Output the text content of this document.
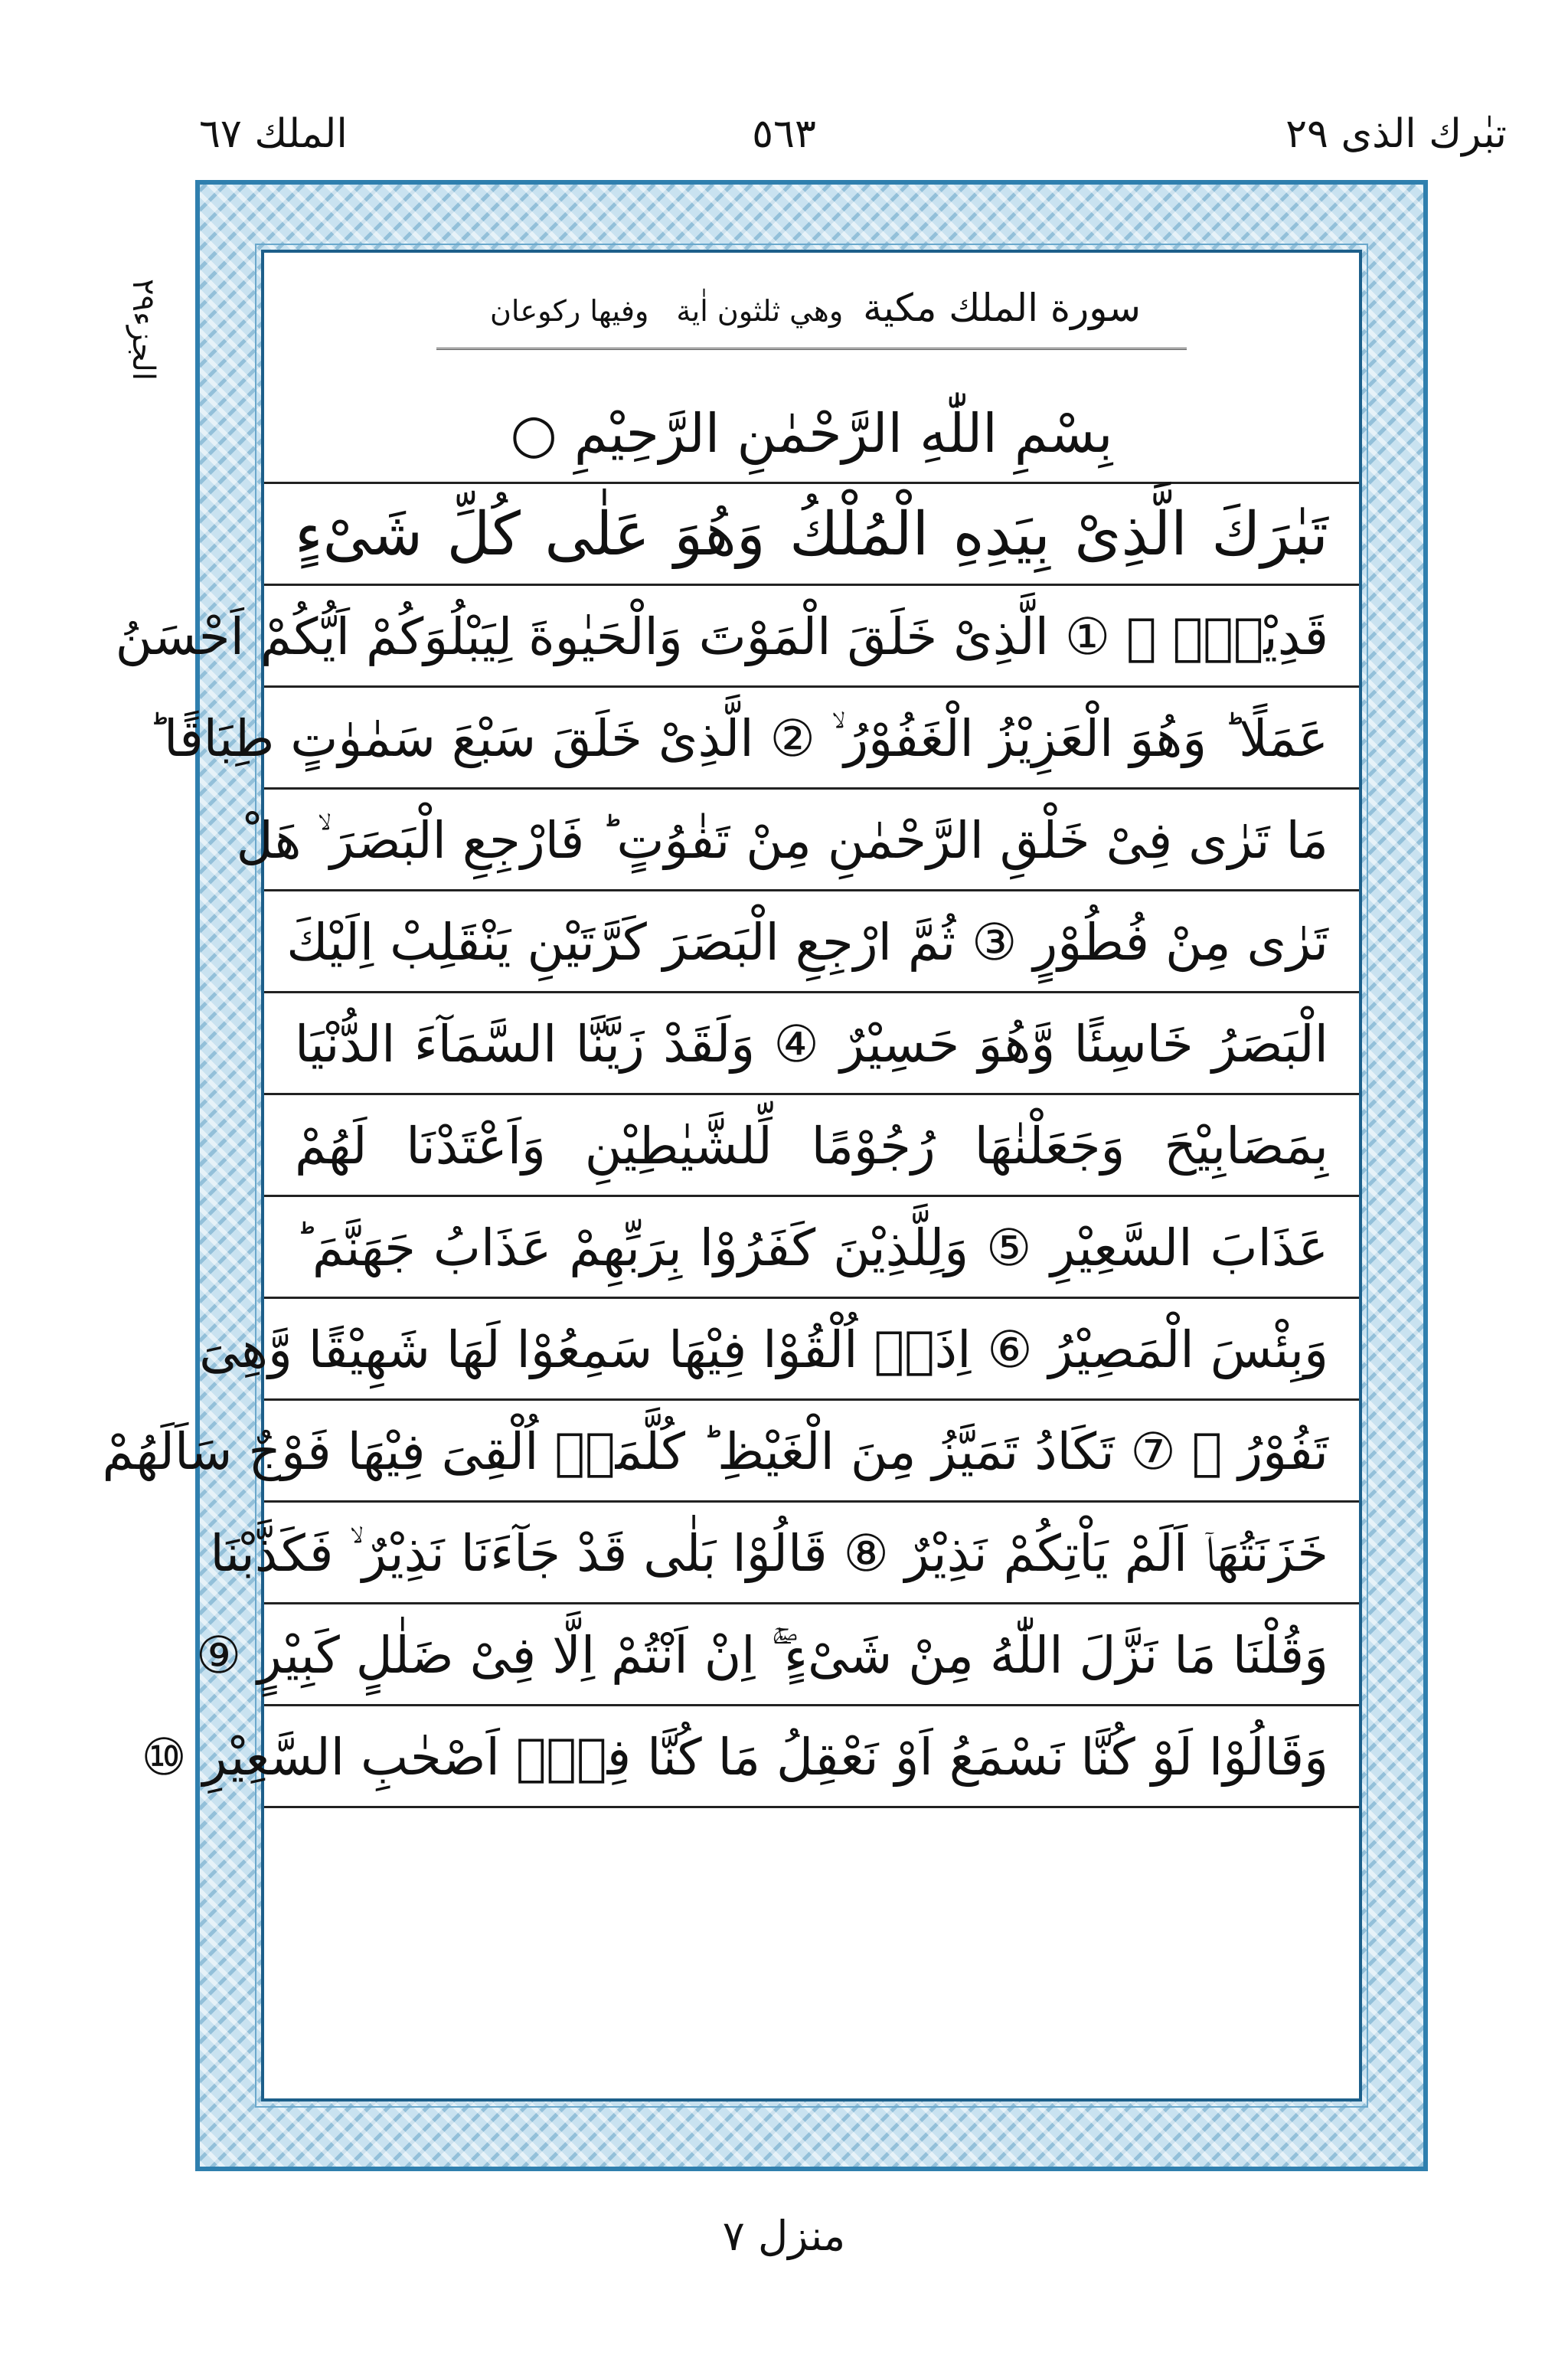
تبٰرك الذى ٢٩
٥٦٣
الملك ٦٧
الجزء٢٩
سورة الملك مكية وهي ثلثون اٰية وفيها ركوعان
بِسْمِ اللّٰهِ الرَّحْمٰنِ الرَّحِيْمِ ○
تَبٰرَكَ الَّذِىْ بِيَدِهِ الْمُلْكُ وَهُوَ عَلٰى كُلِّ شَىْءٍ
قَدِيْرُۨ ۙ ① الَّذِىْ خَلَقَ الْمَوْتَ وَالْحَيٰوةَ لِيَبْلُوَكُمْ اَيُّكُمْ اَحْسَنُ
عَمَلًا ؕ وَهُوَ الْعَزِيْزُ الْغَفُوْرُ ۙ ② الَّذِىْ خَلَقَ سَبْعَ سَمٰوٰتٍ طِبَاقًا ؕ
مَا تَرٰى فِىْ خَلْقِ الرَّحْمٰنِ مِنْ تَفٰوُتٍ ؕ فَارْجِعِ الْبَصَرَ ۙ هَلْ
تَرٰى مِنْ فُطُوْرٍ ③ ثُمَّ ارْجِعِ الْبَصَرَ كَرَّتَيْنِ يَنْقَلِبْ اِلَيْكَ
الْبَصَرُ خَاسِئًا وَّهُوَ حَسِيْرٌ ④ وَلَقَدْ زَيَّنَّا السَّمَآءَ الدُّنْيَا
بِمَصَابِيْحَ وَجَعَلْنٰهَا رُجُوْمًا لِّلشَّيٰطِيْنِ وَاَعْتَدْنَا لَهُمْ
عَذَابَ السَّعِيْرِ ⑤ وَلِلَّذِيْنَ كَفَرُوْا بِرَبِّهِمْ عَذَابُ جَهَنَّمَ ؕ
وَبِئْسَ الْمَصِيْرُ ⑥ اِذَاۤ اُلْقُوْا فِيْهَا سَمِعُوْا لَهَا شَهِيْقًا وَّهِىَ
تَفُوْرُ ۙ ⑦ تَكَادُ تَمَيَّزُ مِنَ الْغَيْظِ ؕ كُلَّمَاۤ اُلْقِىَ فِيْهَا فَوْجٌ سَاَلَهُمْ
خَزَنَتُهَاۤ اَلَمْ يَاْتِكُمْ نَذِيْرٌ ⑧ قَالُوْا بَلٰى قَدْ جَآءَنَا نَذِيْرٌ ۙ فَكَذَّبْنَا
وَقُلْنَا مَا نَزَّلَ اللّٰهُ مِنْ شَىْءٍ ۖۚ اِنْ اَنْتُمْ اِلَّا فِىْ ضَلٰلٍ كَبِيْرٍ ⑨
وَقَالُوْا لَوْ كُنَّا نَسْمَعُ اَوْ نَعْقِلُ مَا كُنَّا فِىْۤ اَصْحٰبِ السَّعِيْرِ ⑩
منزل ٧
